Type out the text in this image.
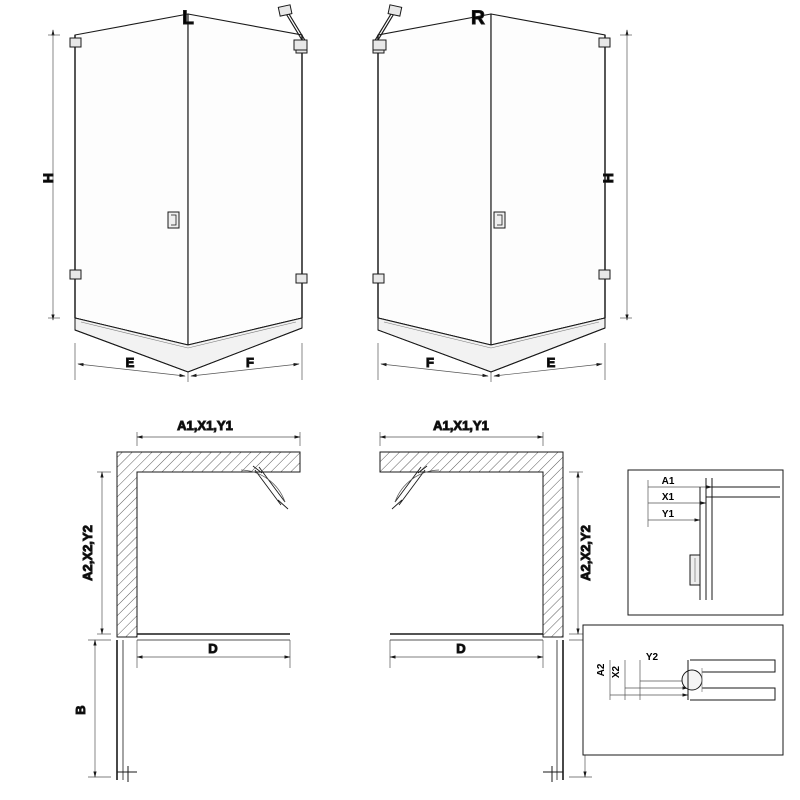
H
E	F
L
H
F	E
R
A1,X1,Y1
A2,X2,Y2
D
B
A1,X1,Y1
A2,X2,Y2
D
A1
X1
Y1
A2 X2
Y2
